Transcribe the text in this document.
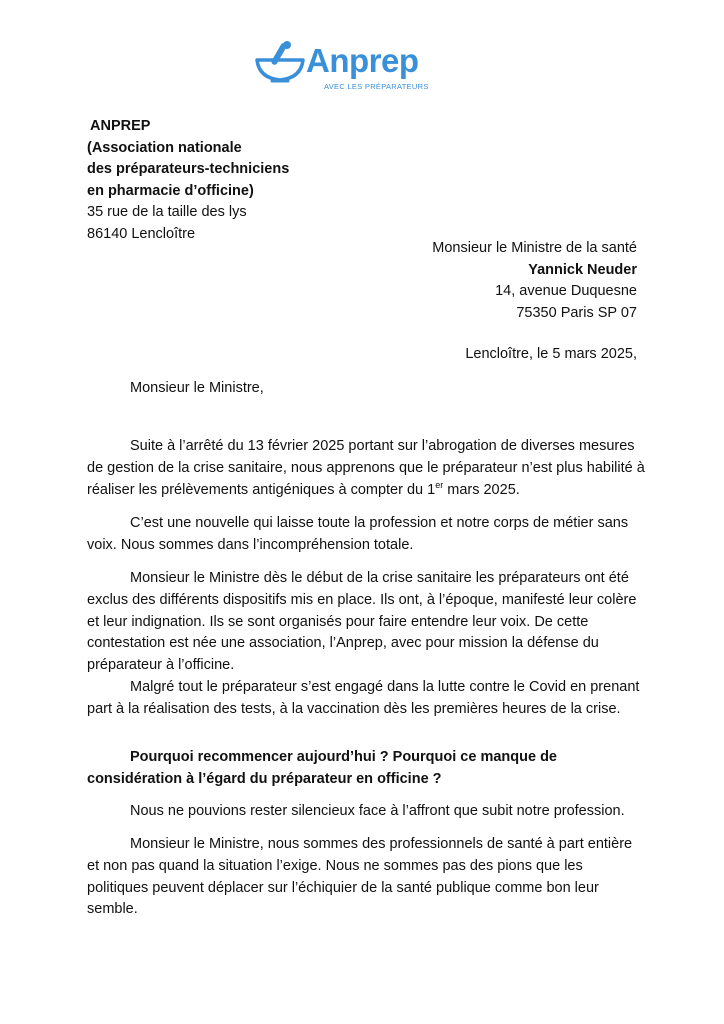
Anprep
AVEC LES PRÉPARATEURS
ANPREP
(Association nationale
des préparateurs-techniciens
en pharmacie d’officine)
35 rue de la taille des lys
86140 Lencloître
Monsieur le Ministre de la santé
Yannick Neuder
14, avenue Duquesne
75350 Paris SP 07
Lencloître, le 5 mars 2025,
Monsieur le Ministre,

Suite à l’arrêté du 13 février 2025 portant sur l’abrogation de diverses mesures de gestion de la crise sanitaire, nous apprenons que le préparateur n’est plus habilité à réaliser les prélèvements antigéniques à compter du 1er mars 2025.

C’est une nouvelle qui laisse toute la profession et notre corps de métier sans voix. Nous sommes dans l’incompréhension totale.

Monsieur le Ministre dès le début de la crise sanitaire les préparateurs ont été exclus des différents dispositifs mis en place. Ils ont, à l’époque, manifesté leur colère et leur indignation. Ils se sont organisés pour faire entendre leur voix. De cette contestation est née une association, l’Anprep, avec pour mission la défense du préparateur à l’officine.

Malgré tout le préparateur s’est engagé dans la lutte contre le Covid en prenant part à la réalisation des tests, à la vaccination dès les premières heures de la crise.

Pourquoi recommencer aujourd’hui ? Pourquoi ce manque de considération à l’égard du préparateur en officine ?

Nous ne pouvions rester silencieux face à l’affront que subit notre profession.

Monsieur le Ministre, nous sommes des professionnels de santé à part entière et non pas quand la situation l’exige. Nous ne sommes pas des pions que les politiques peuvent déplacer sur l’échiquier de la santé publique comme bon leur semble.
